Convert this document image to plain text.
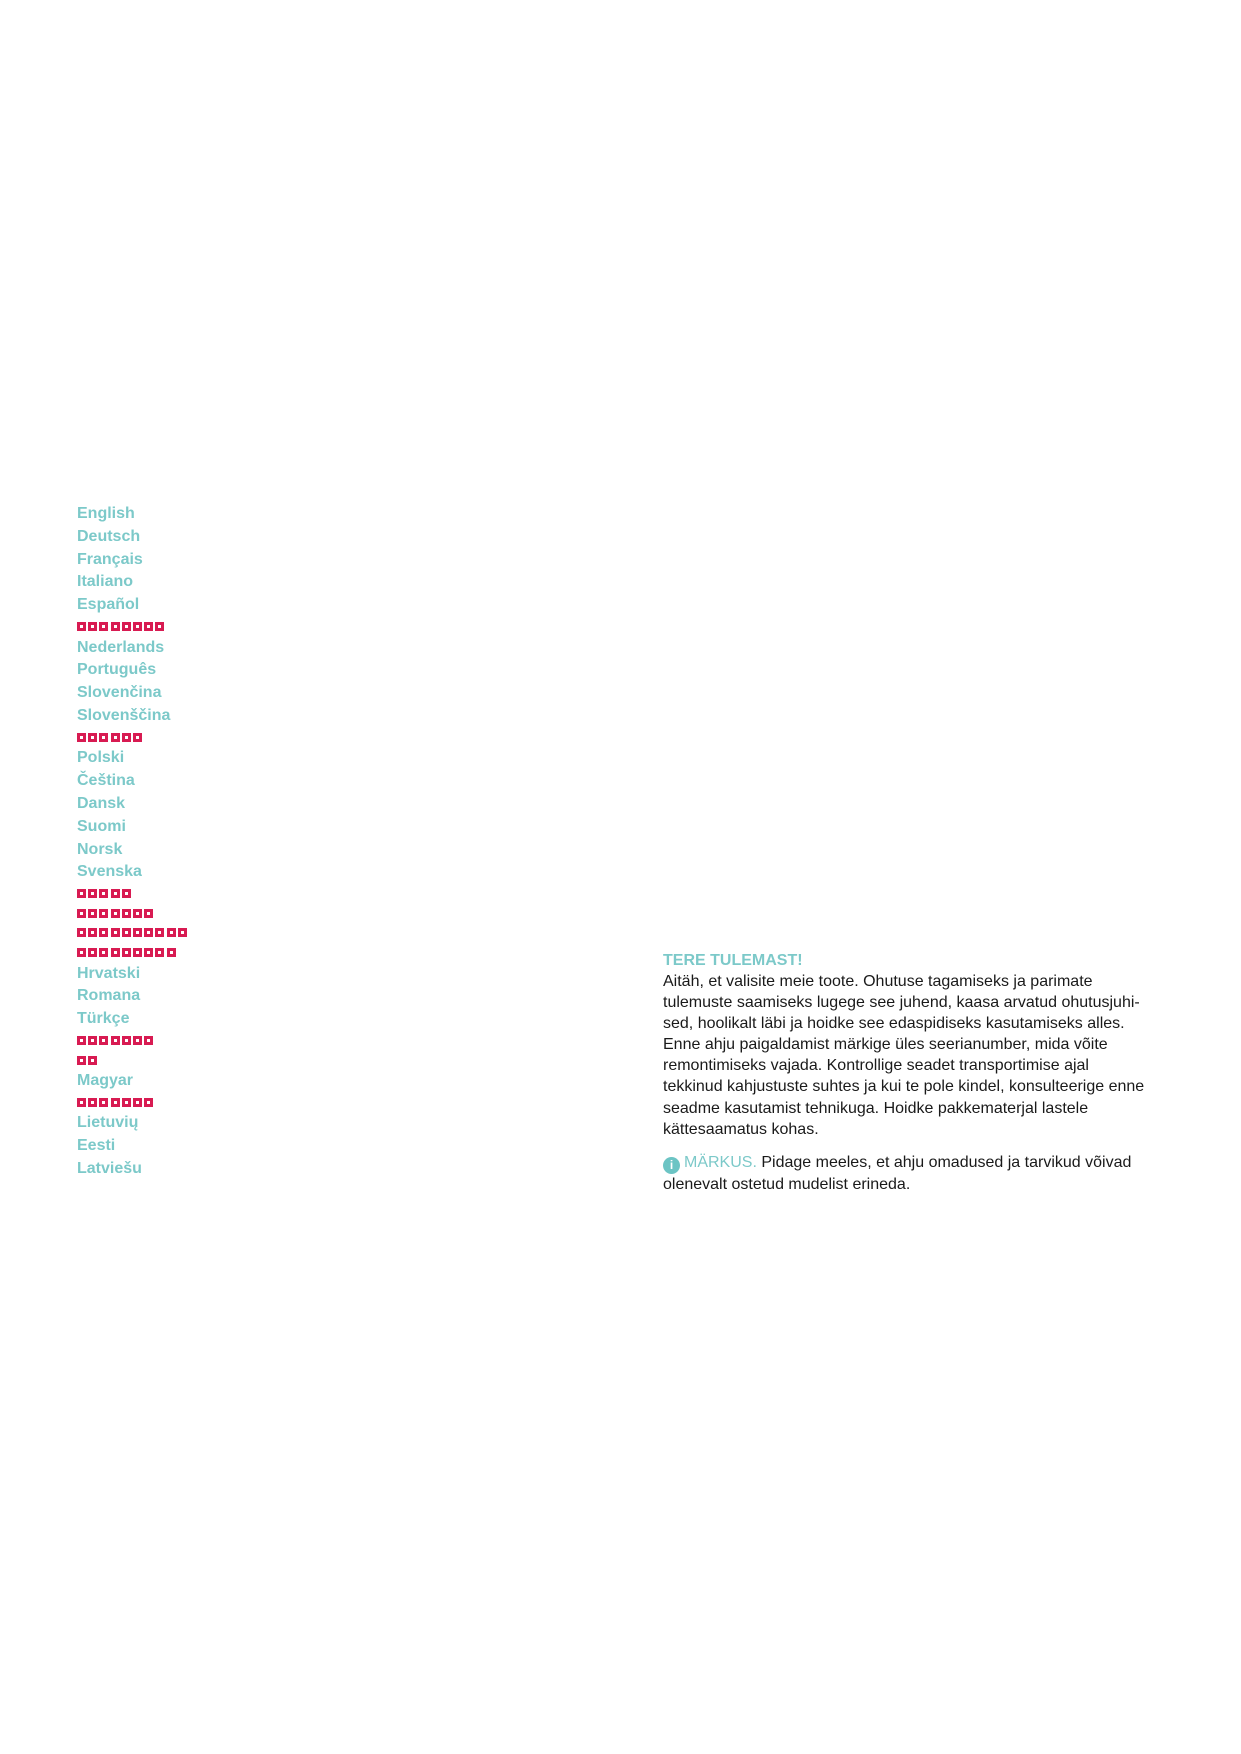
English
Deutsch
Français
Italiano
Español
Nederlands
Português
Slovenčina
Slovenščina
Polski
Čeština
Dansk
Suomi
Norsk
Svenska
Hrvatski
Romana
Türkçe
Magyar
Lietuvių
Eesti
Latviešu

TERE TULEMAST!

Aitäh, et valisite meie toote. Ohutuse tagamiseks ja parimate
tulemuste saamiseks lugege see juhend, kaasa arvatud ohutusjuhi-
sed, hoolikalt läbi ja hoidke see edaspidiseks kasutamiseks alles.
Enne ahju paigaldamist märkige üles seerianumber, mida võite
remontimiseks vajada. Kontrollige seadet transportimise ajal
tekkinud kahjustuste suhtes ja kui te pole kindel, konsulteerige enne
seadme kasutamist tehnikuga. Hoidke pakkematerjal lastele
kättesaamatus kohas.

i MÄRKUS. Pidage meeles, et ahju omadused ja tarvikud võivad olenevalt ostetud mudelist erineda.
